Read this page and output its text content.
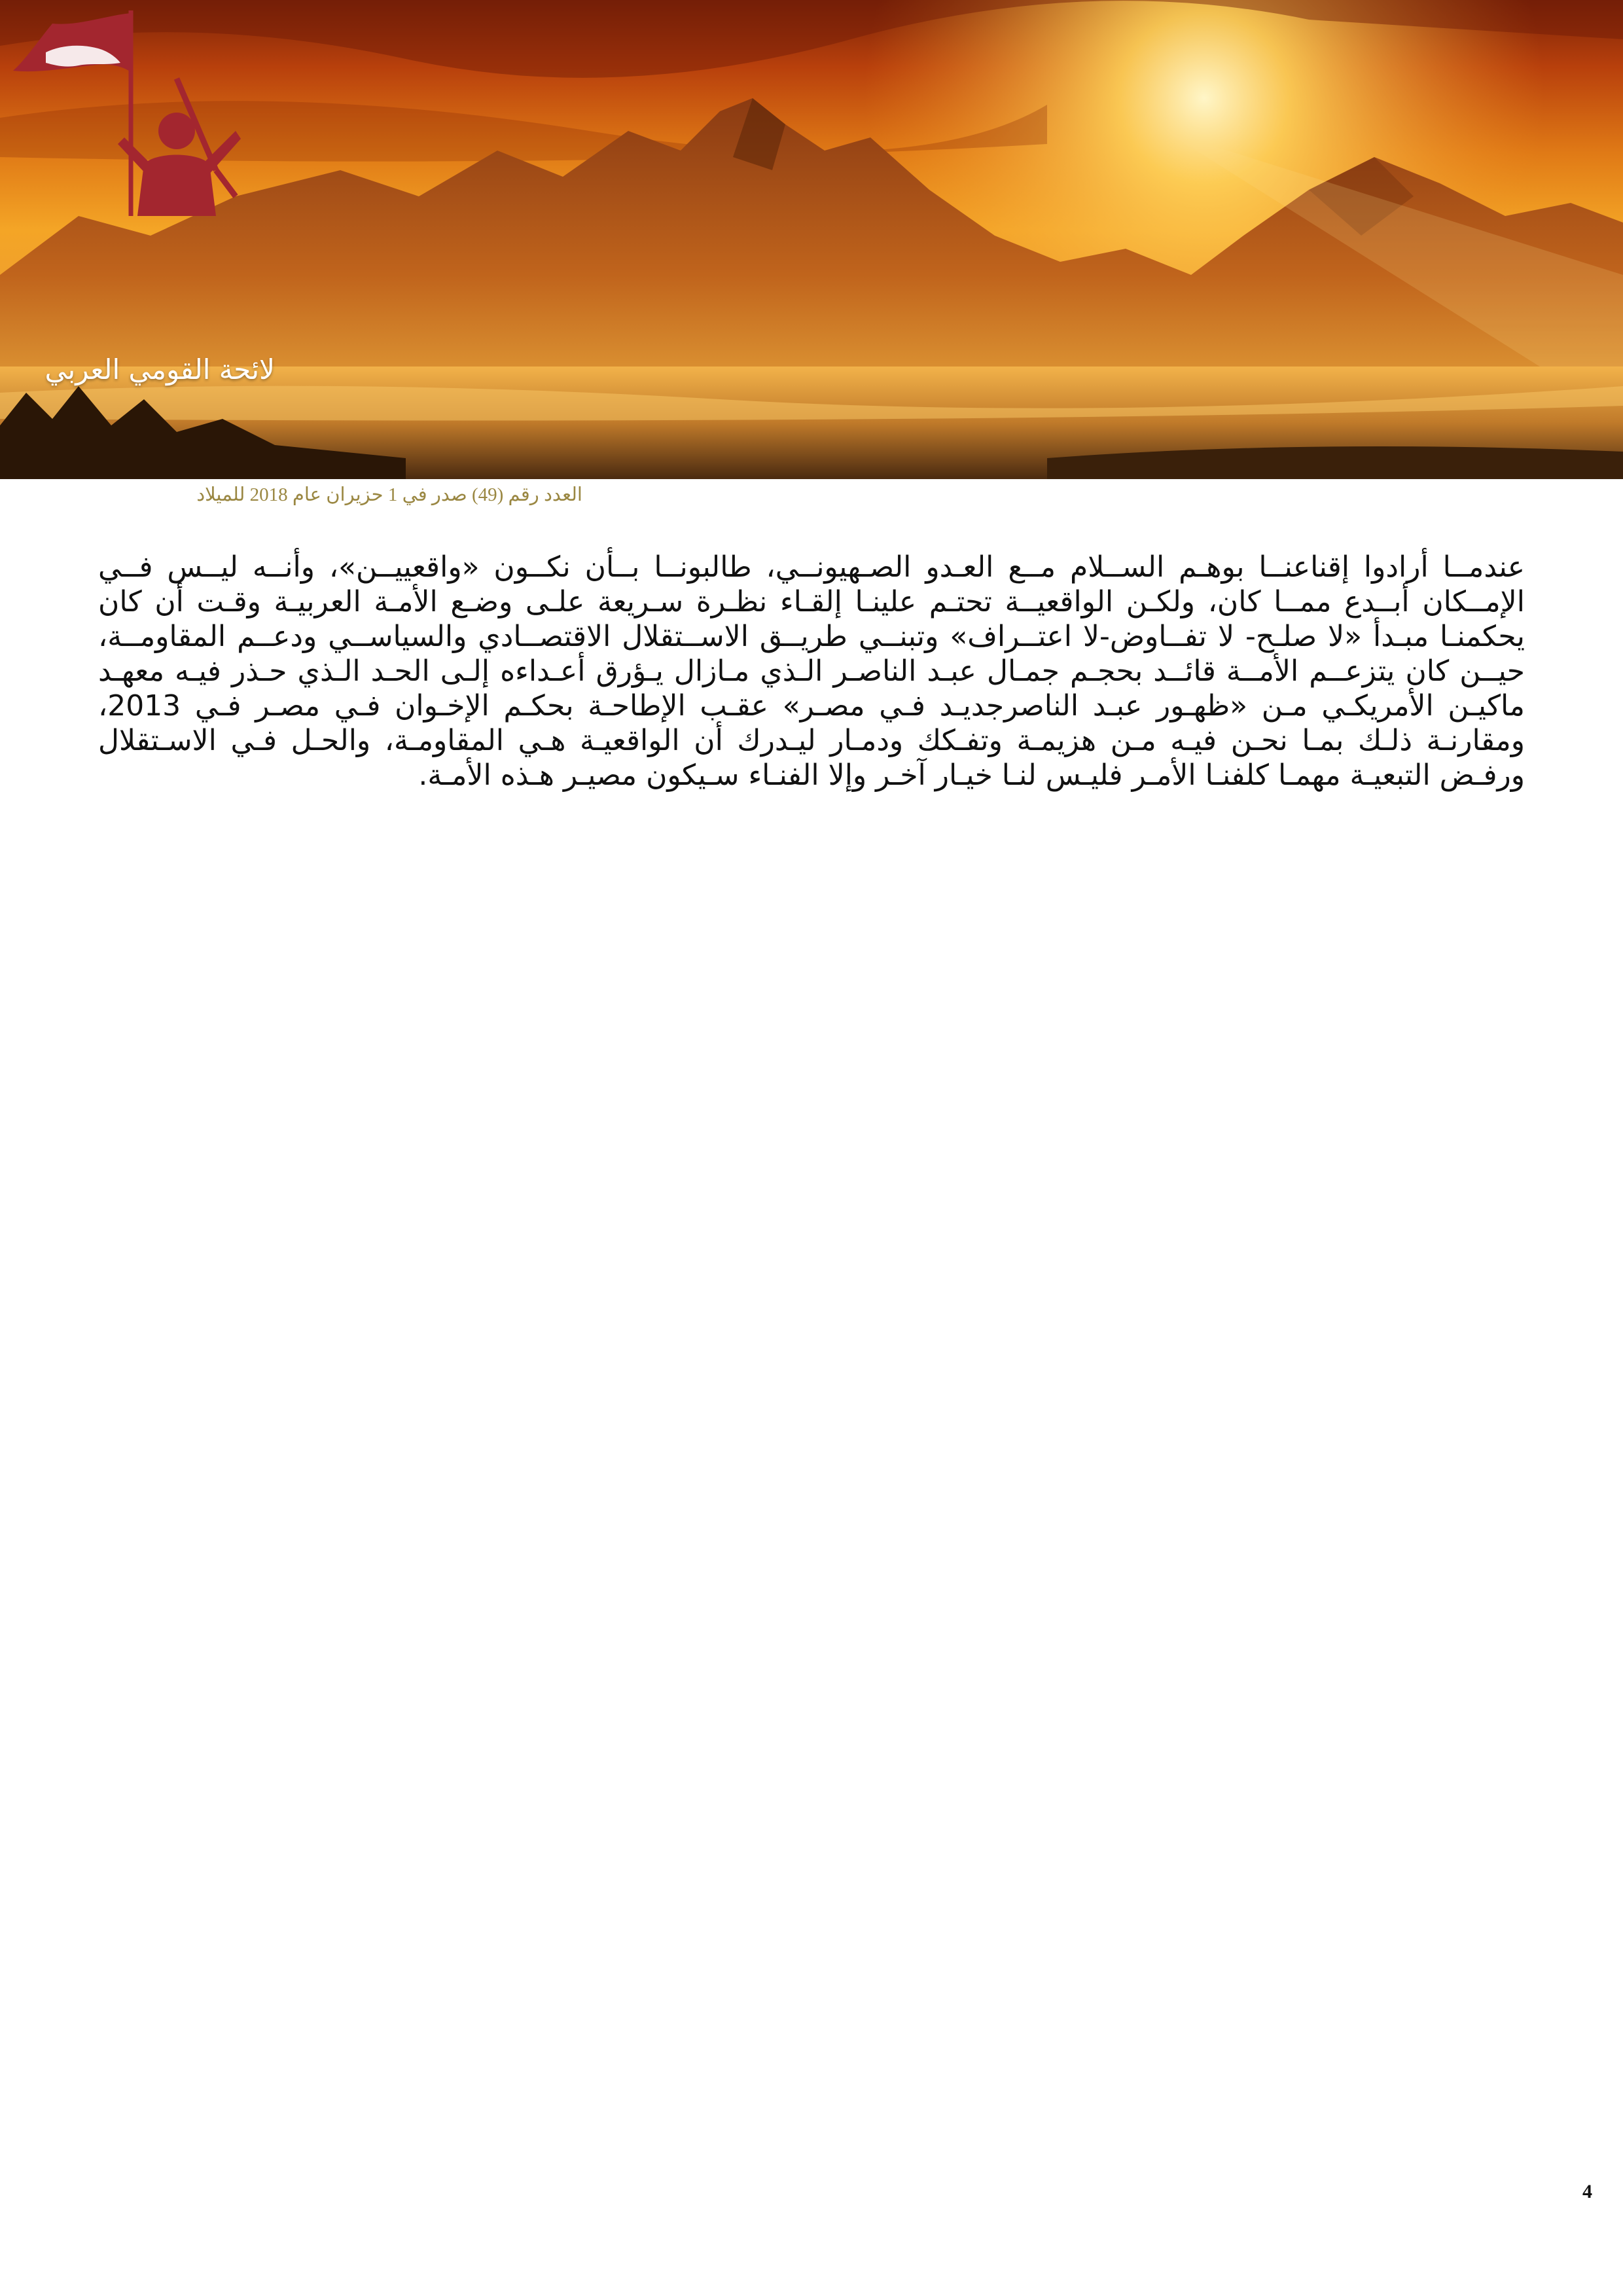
لائحة القومي العربي
العدد رقم (49) صدر في 1 حزيران عام 2018 للميلاد
عندمــا أرادوا إقناعنــا بوهـم الســلام مــع العـدو الصـهيونــي، طالبونــا بــأن نكــون «واقعييــن»، وأنــه ليــس فــي الإمــكان أبــدع ممــا كان، ولكـن الواقعيــة تحتـم علينـا إلقـاء نظـرة سـريعة علـى وضـع الأمـة العربيـة وقـت أن كان يحكمنـا مبـدأ «لا صلـح- لا تفــاوض-لا اعتــراف» وتبنــي طريــق الاســتقلال الاقتصــادي والسياســي ودعــم المقاومــة، حيــن كان يتزعــم الأمــة قائــد بحجـم جمـال عبـد الناصـر الـذي مـازال يـؤرق أعـداءه إلـى الحـد الـذي حـذر فيـه معهـد ماكيـن الأمريكـي مـن «ظهـور عبـد الناصرجديـد فـي مصـر» عقـب الإطاحـة بحكـم الإخـوان فـي مصـر فـي 2013، ومقارنـة ذلـك بمـا نحـن فيـه مـن هزيمـة وتفـكك ودمـار ليـدرك أن الواقعيـة هـي المقاومـة، والحـل فـي الاسـتقلال ورفـض التبعيـة مهمـا كلفنـا الأمـر فليـس لنـا خيـار آخـر وإلا الفنـاء سـيكون مصيـر هـذه الأمـة.
4
